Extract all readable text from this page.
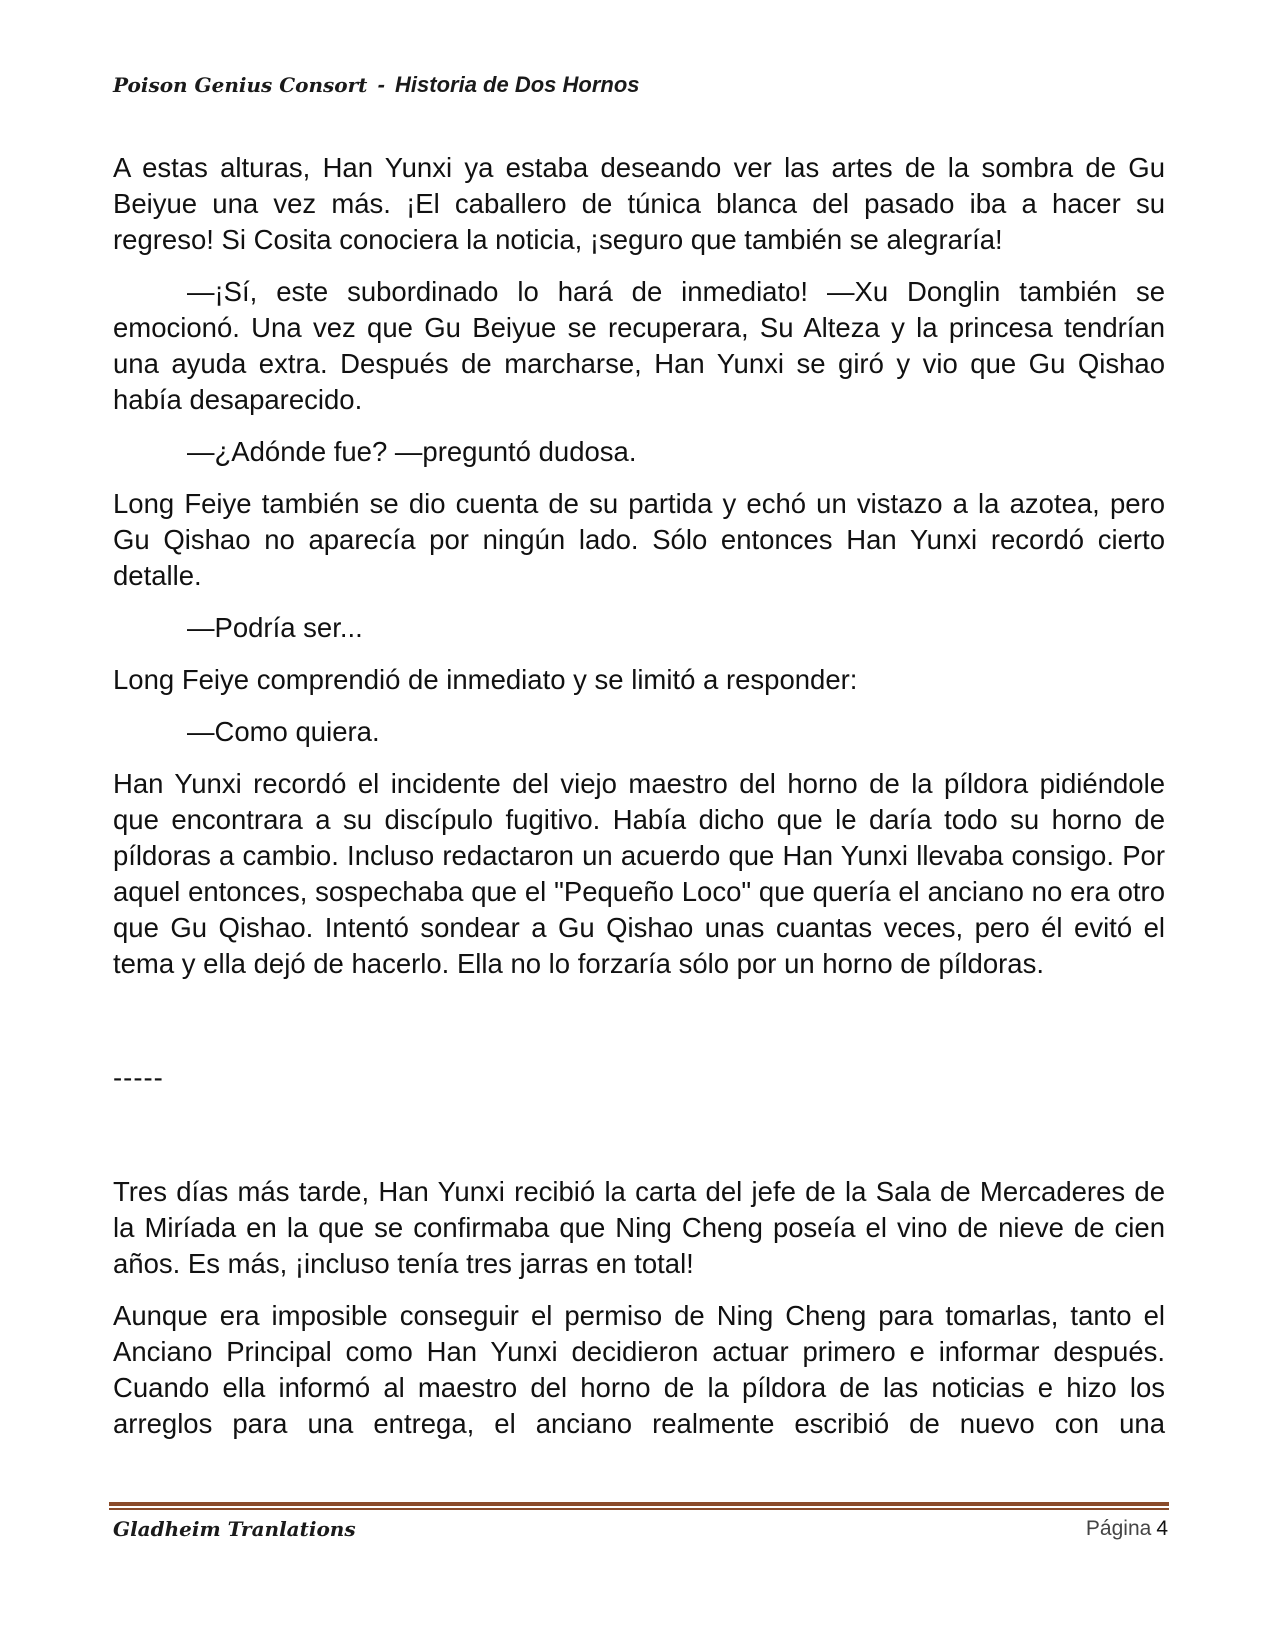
Poison Genius Consort - Historia de Dos Hornos

A estas alturas, Han Yunxi ya estaba deseando ver las artes de la sombra de Gu Beiyue una vez más. ¡El caballero de túnica blanca del pasado iba a hacer su regreso! Si Cosita conociera la noticia, ¡seguro que también se alegraría!

—¡Sí, este subordinado lo hará de inmediato! —Xu Donglin también se emocionó. Una vez que Gu Beiyue se recuperara, Su Alteza y la princesa tendrían una ayuda extra. Después de marcharse, Han Yunxi se giró y vio que Gu Qishao había desaparecido.

—¿Adónde fue? —preguntó dudosa.

Long Feiye también se dio cuenta de su partida y echó un vistazo a la azotea, pero Gu Qishao no aparecía por ningún lado. Sólo entonces Han Yunxi recordó cierto detalle.

—Podría ser...

Long Feiye comprendió de inmediato y se limitó a responder:

—Como quiera.

Han Yunxi recordó el incidente del viejo maestro del horno de la píldora pidiéndole que encontrara a su discípulo fugitivo. Había dicho que le daría todo su horno de píldoras a cambio. Incluso redactaron un acuerdo que Han Yunxi llevaba consigo. Por aquel entonces, sospechaba que el "Pequeño Loco" que quería el anciano no era otro que Gu Qishao. Intentó sondear a Gu Qishao unas cuantas veces, pero él evitó el tema y ella dejó de hacerlo. Ella no lo forzaría sólo por un horno de píldoras.

-----

Tres días más tarde, Han Yunxi recibió la carta del jefe de la Sala de Mercaderes de la Miríada en la que se confirmaba que Ning Cheng poseía el vino de nieve de cien años. Es más, ¡incluso tenía tres jarras en total!

Aunque era imposible conseguir el permiso de Ning Cheng para tomarlas, tanto el Anciano Principal como Han Yunxi decidieron actuar primero e informar después. Cuando ella informó al maestro del horno de la píldora de las noticias e hizo los arreglos para una entrega, el anciano realmente escribió de nuevo con una

Gladheim Tranlations	Página 4
